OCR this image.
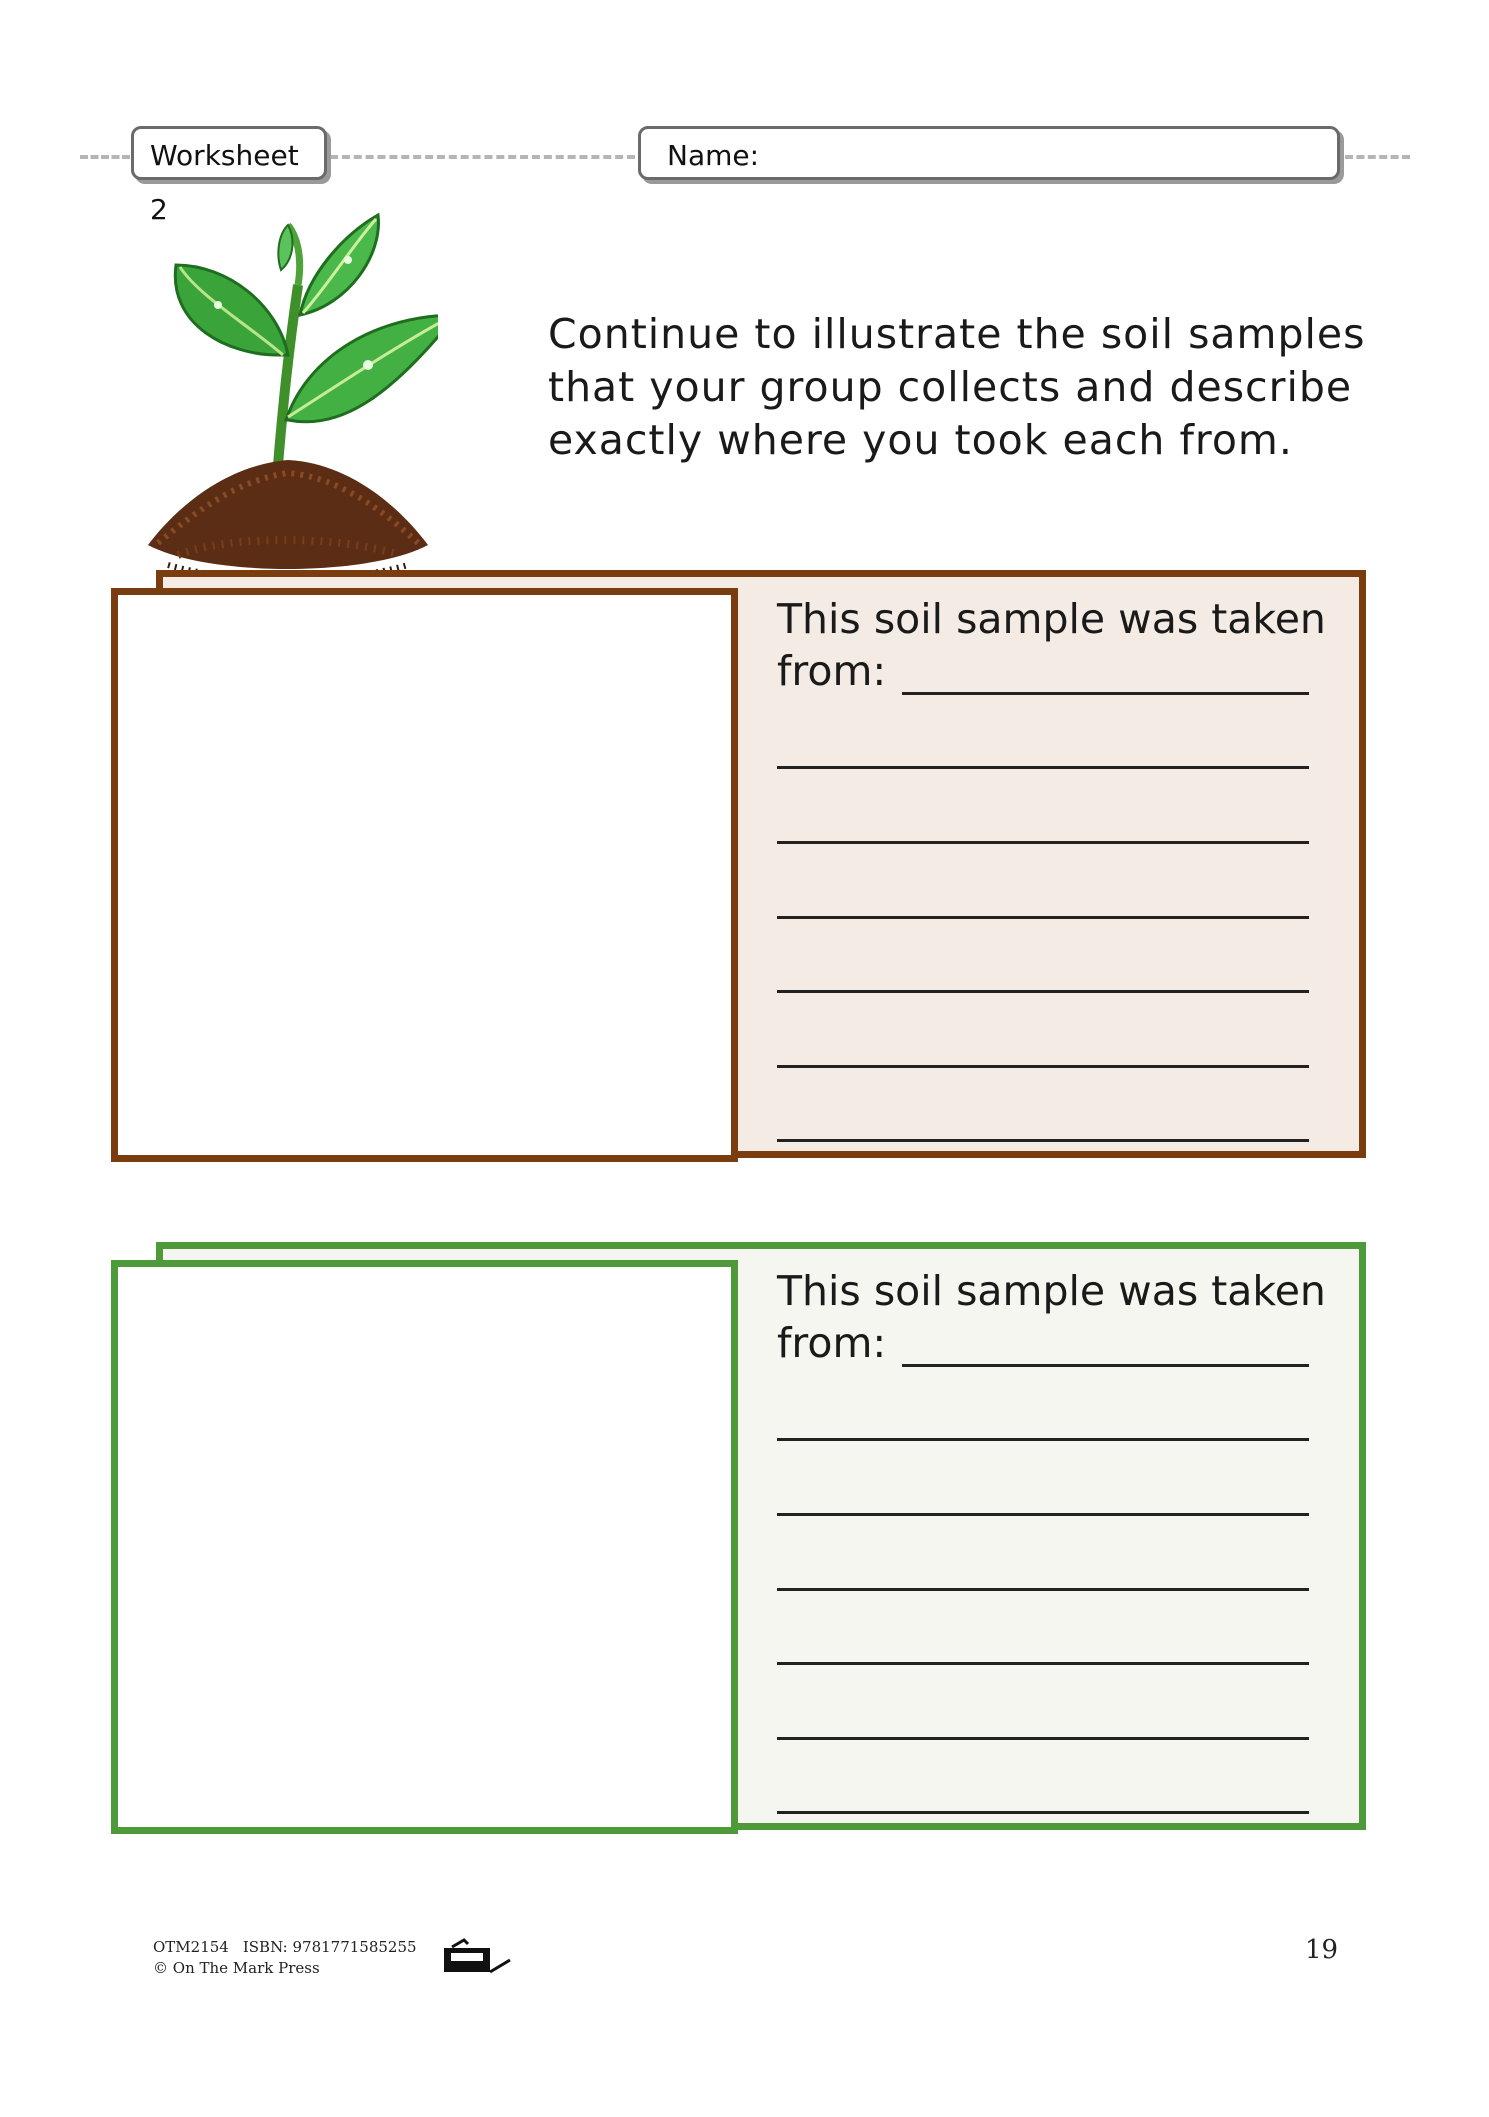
Worksheet 2
Name:
Continue to illustrate the soil samples that your group collects and describe exactly where you took each from.
This soil sample was taken from:
This soil sample was taken from:
OTM2154 ISBN: 9781771585255
© On The Mark Press
19
